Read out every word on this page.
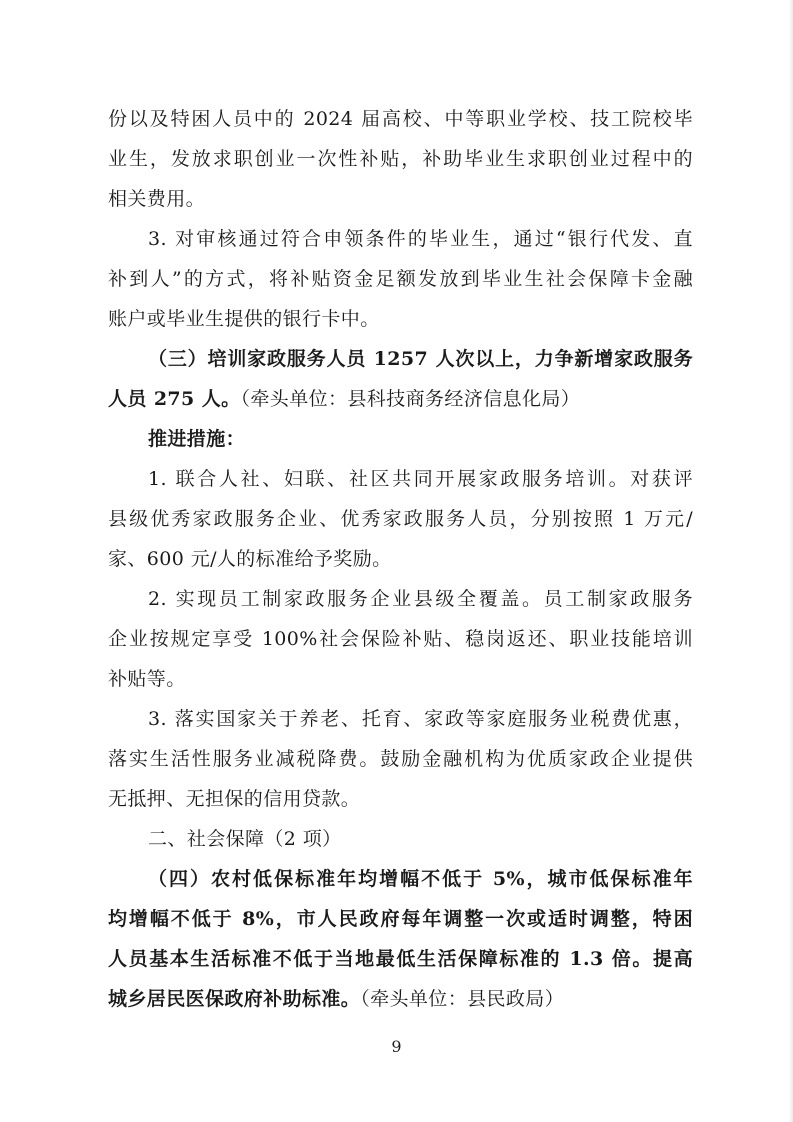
份以及特困人员中的 2024 届高校、中等职业学校、技工院校毕
业生，发放求职创业一次性补贴，补助毕业生求职创业过程中的
相关费用。
3. 对审核通过符合申领条件的毕业生，通过“银行代发、直
补到人”的方式，将补贴资金足额发放到毕业生社会保障卡金融
账户或毕业生提供的银行卡中。
（三）培训家政服务人员 1257 人次以上，力争新增家政服务
人员 275 人。（牵头单位：县科技商务经济信息化局）
推进措施：
1. 联合人社、妇联、社区共同开展家政服务培训。对获评
县级优秀家政服务企业、优秀家政服务人员，分别按照 1 万元/
家、600 元/人的标准给予奖励。
2. 实现员工制家政服务企业县级全覆盖。员工制家政服务
企业按规定享受 100%社会保险补贴、稳岗返还、职业技能培训
补贴等。
3. 落实国家关于养老、托育、家政等家庭服务业税费优惠，
落实生活性服务业减税降费。鼓励金融机构为优质家政企业提供
无抵押、无担保的信用贷款。
二、社会保障（2 项）
（四）农村低保标准年均增幅不低于 5%，城市低保标准年
均增幅不低于 8%，市人民政府每年调整一次或适时调整，特困
人员基本生活标准不低于当地最低生活保障标准的 1.3 倍。提高
城乡居民医保政府补助标准。（牵头单位：县民政局）
9
